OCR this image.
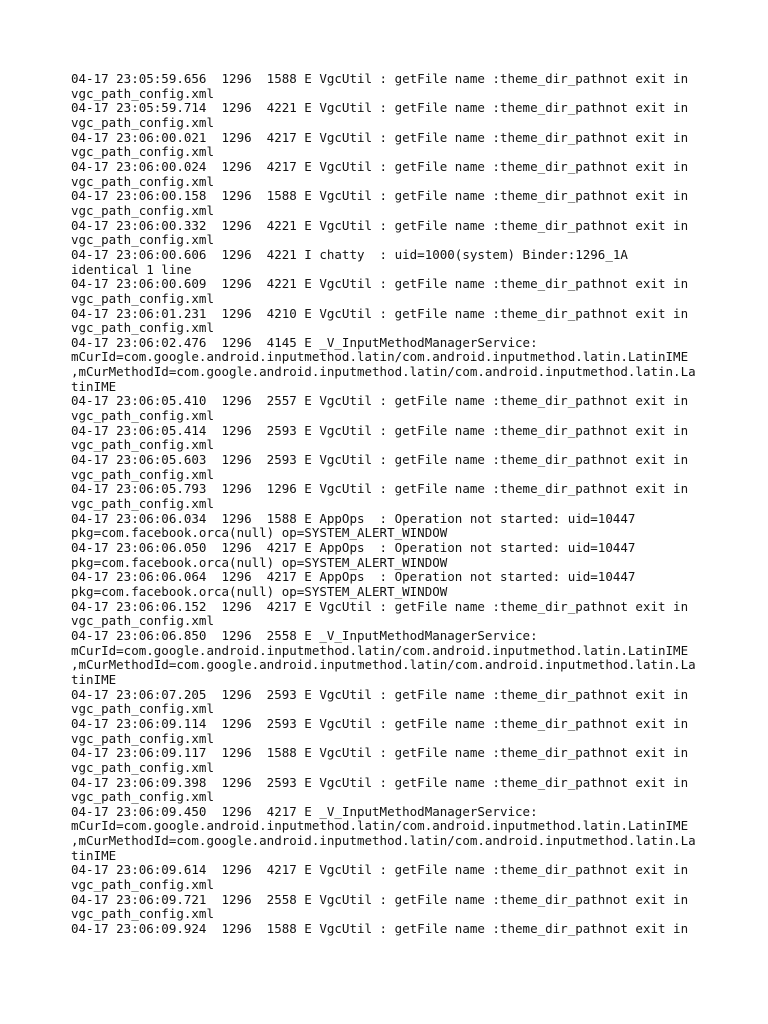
04-17 23:05:59.656  1296  1588 E VgcUtil : getFile name :theme_dir_pathnot exit in
vgc_path_config.xml
04-17 23:05:59.714  1296  4221 E VgcUtil : getFile name :theme_dir_pathnot exit in
vgc_path_config.xml
04-17 23:06:00.021  1296  4217 E VgcUtil : getFile name :theme_dir_pathnot exit in
vgc_path_config.xml
04-17 23:06:00.024  1296  4217 E VgcUtil : getFile name :theme_dir_pathnot exit in
vgc_path_config.xml
04-17 23:06:00.158  1296  1588 E VgcUtil : getFile name :theme_dir_pathnot exit in
vgc_path_config.xml
04-17 23:06:00.332  1296  4221 E VgcUtil : getFile name :theme_dir_pathnot exit in
vgc_path_config.xml
04-17 23:06:00.606  1296  4221 I chatty  : uid=1000(system) Binder:1296_1A
identical 1 line
04-17 23:06:00.609  1296  4221 E VgcUtil : getFile name :theme_dir_pathnot exit in
vgc_path_config.xml
04-17 23:06:01.231  1296  4210 E VgcUtil : getFile name :theme_dir_pathnot exit in
vgc_path_config.xml
04-17 23:06:02.476  1296  4145 E _V_InputMethodManagerService:
mCurId=com.google.android.inputmethod.latin/com.android.inputmethod.latin.LatinIME
,mCurMethodId=com.google.android.inputmethod.latin/com.android.inputmethod.latin.La
tinIME
04-17 23:06:05.410  1296  2557 E VgcUtil : getFile name :theme_dir_pathnot exit in
vgc_path_config.xml
04-17 23:06:05.414  1296  2593 E VgcUtil : getFile name :theme_dir_pathnot exit in
vgc_path_config.xml
04-17 23:06:05.603  1296  2593 E VgcUtil : getFile name :theme_dir_pathnot exit in
vgc_path_config.xml
04-17 23:06:05.793  1296  1296 E VgcUtil : getFile name :theme_dir_pathnot exit in
vgc_path_config.xml
04-17 23:06:06.034  1296  1588 E AppOps  : Operation not started: uid=10447
pkg=com.facebook.orca(null) op=SYSTEM_ALERT_WINDOW
04-17 23:06:06.050  1296  4217 E AppOps  : Operation not started: uid=10447
pkg=com.facebook.orca(null) op=SYSTEM_ALERT_WINDOW
04-17 23:06:06.064  1296  4217 E AppOps  : Operation not started: uid=10447
pkg=com.facebook.orca(null) op=SYSTEM_ALERT_WINDOW
04-17 23:06:06.152  1296  4217 E VgcUtil : getFile name :theme_dir_pathnot exit in
vgc_path_config.xml
04-17 23:06:06.850  1296  2558 E _V_InputMethodManagerService:
mCurId=com.google.android.inputmethod.latin/com.android.inputmethod.latin.LatinIME
,mCurMethodId=com.google.android.inputmethod.latin/com.android.inputmethod.latin.La
tinIME
04-17 23:06:07.205  1296  2593 E VgcUtil : getFile name :theme_dir_pathnot exit in
vgc_path_config.xml
04-17 23:06:09.114  1296  2593 E VgcUtil : getFile name :theme_dir_pathnot exit in
vgc_path_config.xml
04-17 23:06:09.117  1296  1588 E VgcUtil : getFile name :theme_dir_pathnot exit in
vgc_path_config.xml
04-17 23:06:09.398  1296  2593 E VgcUtil : getFile name :theme_dir_pathnot exit in
vgc_path_config.xml
04-17 23:06:09.450  1296  4217 E _V_InputMethodManagerService:
mCurId=com.google.android.inputmethod.latin/com.android.inputmethod.latin.LatinIME
,mCurMethodId=com.google.android.inputmethod.latin/com.android.inputmethod.latin.La
tinIME
04-17 23:06:09.614  1296  4217 E VgcUtil : getFile name :theme_dir_pathnot exit in
vgc_path_config.xml
04-17 23:06:09.721  1296  2558 E VgcUtil : getFile name :theme_dir_pathnot exit in
vgc_path_config.xml
04-17 23:06:09.924  1296  1588 E VgcUtil : getFile name :theme_dir_pathnot exit in
